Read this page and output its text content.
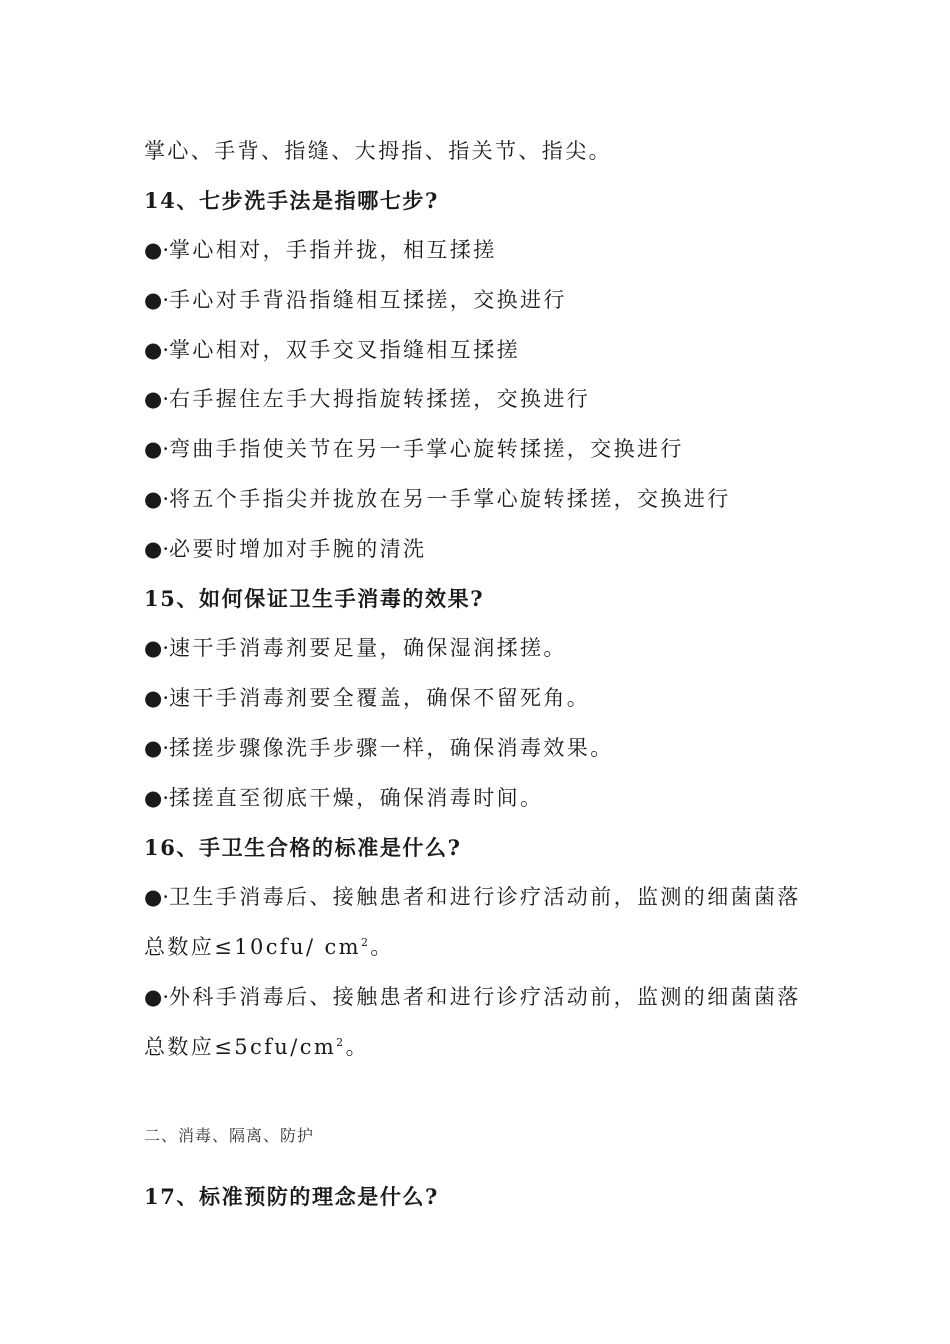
掌心、手背、指缝、大拇指、指关节、指尖。
14、七步洗手法是指哪七步?
●·掌心相对，手指并拢，相互揉搓
●·手心对手背沿指缝相互揉搓，交换进行
●·掌心相对，双手交叉指缝相互揉搓
●·右手握住左手大拇指旋转揉搓，交换进行
●·弯曲手指使关节在另一手掌心旋转揉搓，交换进行
●·将五个手指尖并拢放在另一手掌心旋转揉搓，交换进行
●·必要时增加对手腕的清洗
15、如何保证卫生手消毒的效果?
●·速干手消毒剂要足量，确保湿润揉搓。
●·速干手消毒剂要全覆盖，确保不留死角。
●·揉搓步骤像洗手步骤一样，确保消毒效果。
●·揉搓直至彻底干燥，确保消毒时间。
16、手卫生合格的标准是什么?
●·卫生手消毒后、接触患者和进行诊疗活动前，监测的细菌菌落
总数应≤10cfu/ $cm^2$。
●·外科手消毒后、接触患者和进行诊疗活动前，监测的细菌菌落
总数应$\le 5cfu/cm^2$。
二、消毒、隔离、防护
17、标准预防的理念是什么?
